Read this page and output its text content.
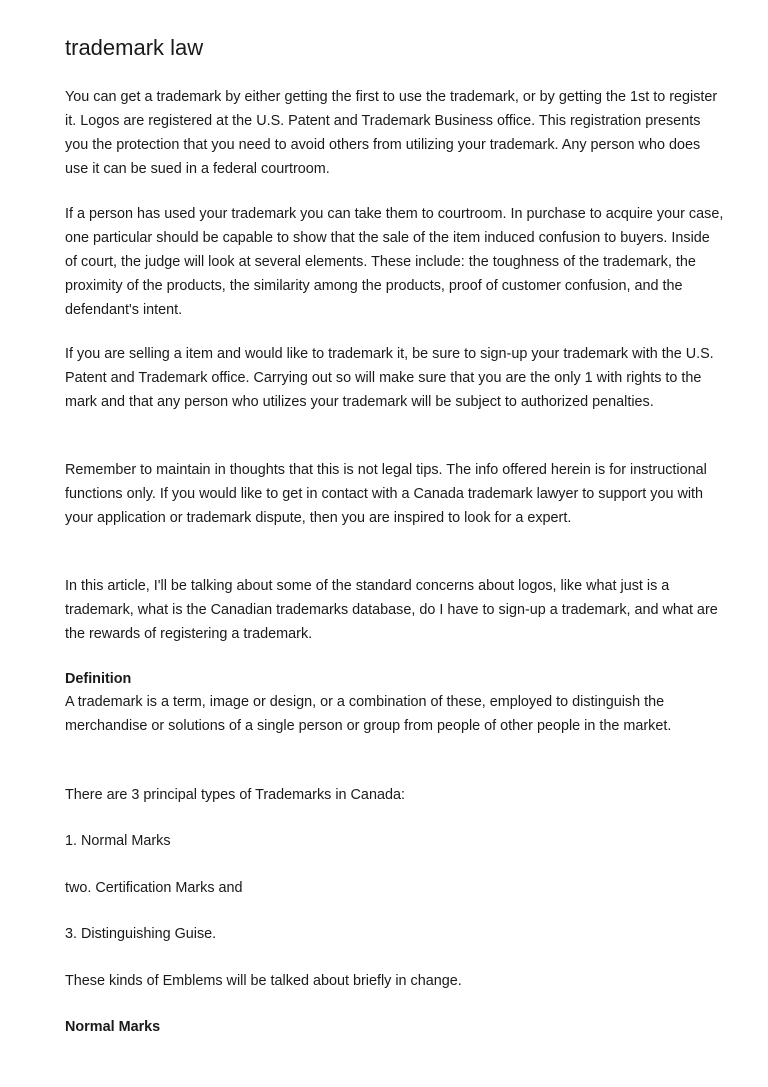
trademark law

You can get a trademark by either getting the first to use the trademark, or by getting the 1st to register it. Logos are registered at the U.S. Patent and Trademark Business office. This registration presents you the protection that you need to avoid others from utilizing your trademark. Any person who does use it can be sued in a federal courtroom.

If a person has used your trademark you can take them to courtroom. In purchase to acquire your case, one particular should be capable to show that the sale of the item induced confusion to buyers. Inside of court, the judge will look at several elements. These include: the toughness of the trademark, the proximity of the products, the similarity among the products, proof of customer confusion, and the defendant's intent.

If you are selling a item and would like to trademark it, be sure to sign-up your trademark with the U.S. Patent and Trademark office. Carrying out so will make sure that you are the only 1 with rights to the mark and that any person who utilizes your trademark will be subject to authorized penalties.

Remember to maintain in thoughts that this is not legal tips. The info offered herein is for instructional functions only. If you would like to get in contact with a Canada trademark lawyer to support you with your application or trademark dispute, then you are inspired to look for a expert.

In this article, I'll be talking about some of the standard concerns about logos, like what just is a trademark, what is the Canadian trademarks database, do I have to sign-up a trademark, and what are the rewards of registering a trademark.

Definition

A trademark is a term, image or design, or a combination of these, employed to distinguish the merchandise or solutions of a single person or group from people of other people in the market.

There are 3 principal types of Trademarks in Canada:

1. Normal Marks

two. Certification Marks and

3. Distinguishing Guise.

These kinds of Emblems will be talked about briefly in change.

Normal Marks
